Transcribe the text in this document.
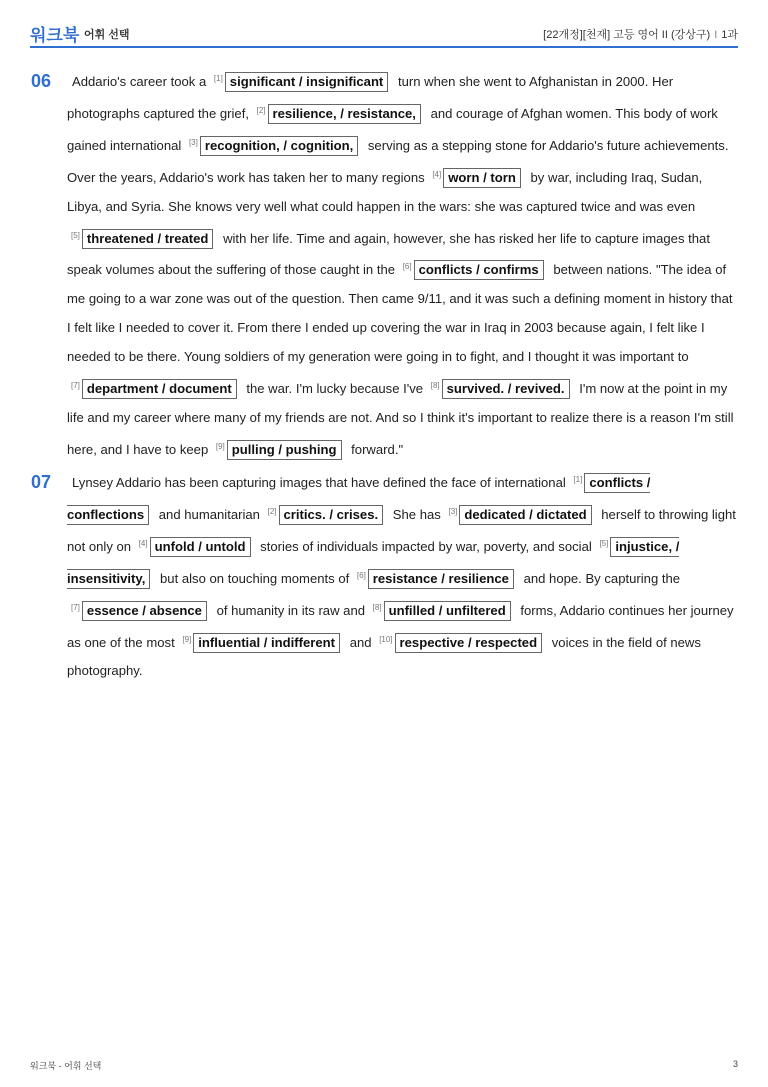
워크북 어휘 선택	[22개정][천재] 고등 영어 II (강상구) I 1과
06	Addario's career took a [1] significant / insignificant turn when she went to Afghanistan in 2000. Her photographs captured the grief, [2] resilience, / resistance, and courage of Afghan women. This body of work gained international [3] recognition, / cognition, serving as a stepping stone for Addario's future achievements. Over the years, Addario's work has taken her to many regions [4] worn / torn by war, including Iraq, Sudan, Libya, and Syria. She knows very well what could happen in the wars: she was captured twice and was even [5] threatened / treated with her life. Time and again, however, she has risked her life to capture images that speak volumes about the suffering of those caught in the [6] conflicts / confirms between nations. "The idea of me going to a war zone was out of the question. Then came 9/11, and it was such a defining moment in history that I felt like I needed to cover it. From there I ended up covering the war in Iraq in 2003 because again, I felt like I needed to be there. Young soldiers of my generation were going in to fight, and I thought it was important to [7] department / document the war. I'm lucky because I've [8] survived. / revived. I'm now at the point in my life and my career where many of my friends are not. And so I think it's important to realize there is a reason I'm still here, and I have to keep [9] pulling / pushing forward."
07	Lynsey Addario has been capturing images that have defined the face of international [1] conflicts / conflections and humanitarian [2] critics. / crises. She has [3] dedicated / dictated herself to throwing light not only on [4] unfold / untold stories of individuals impacted by war, poverty, and social [5] injustice, / insensitivity, but also on touching moments of [6] resistance / resilience and hope. By capturing the [7] essence / absence of humanity in its raw and [8] unfilled / unfiltered forms, Addario continues her journey as one of the most [9] influential / indifferent and [10] respective / respected voices in the field of news photography.
워크북 - 어휘 선택	3
